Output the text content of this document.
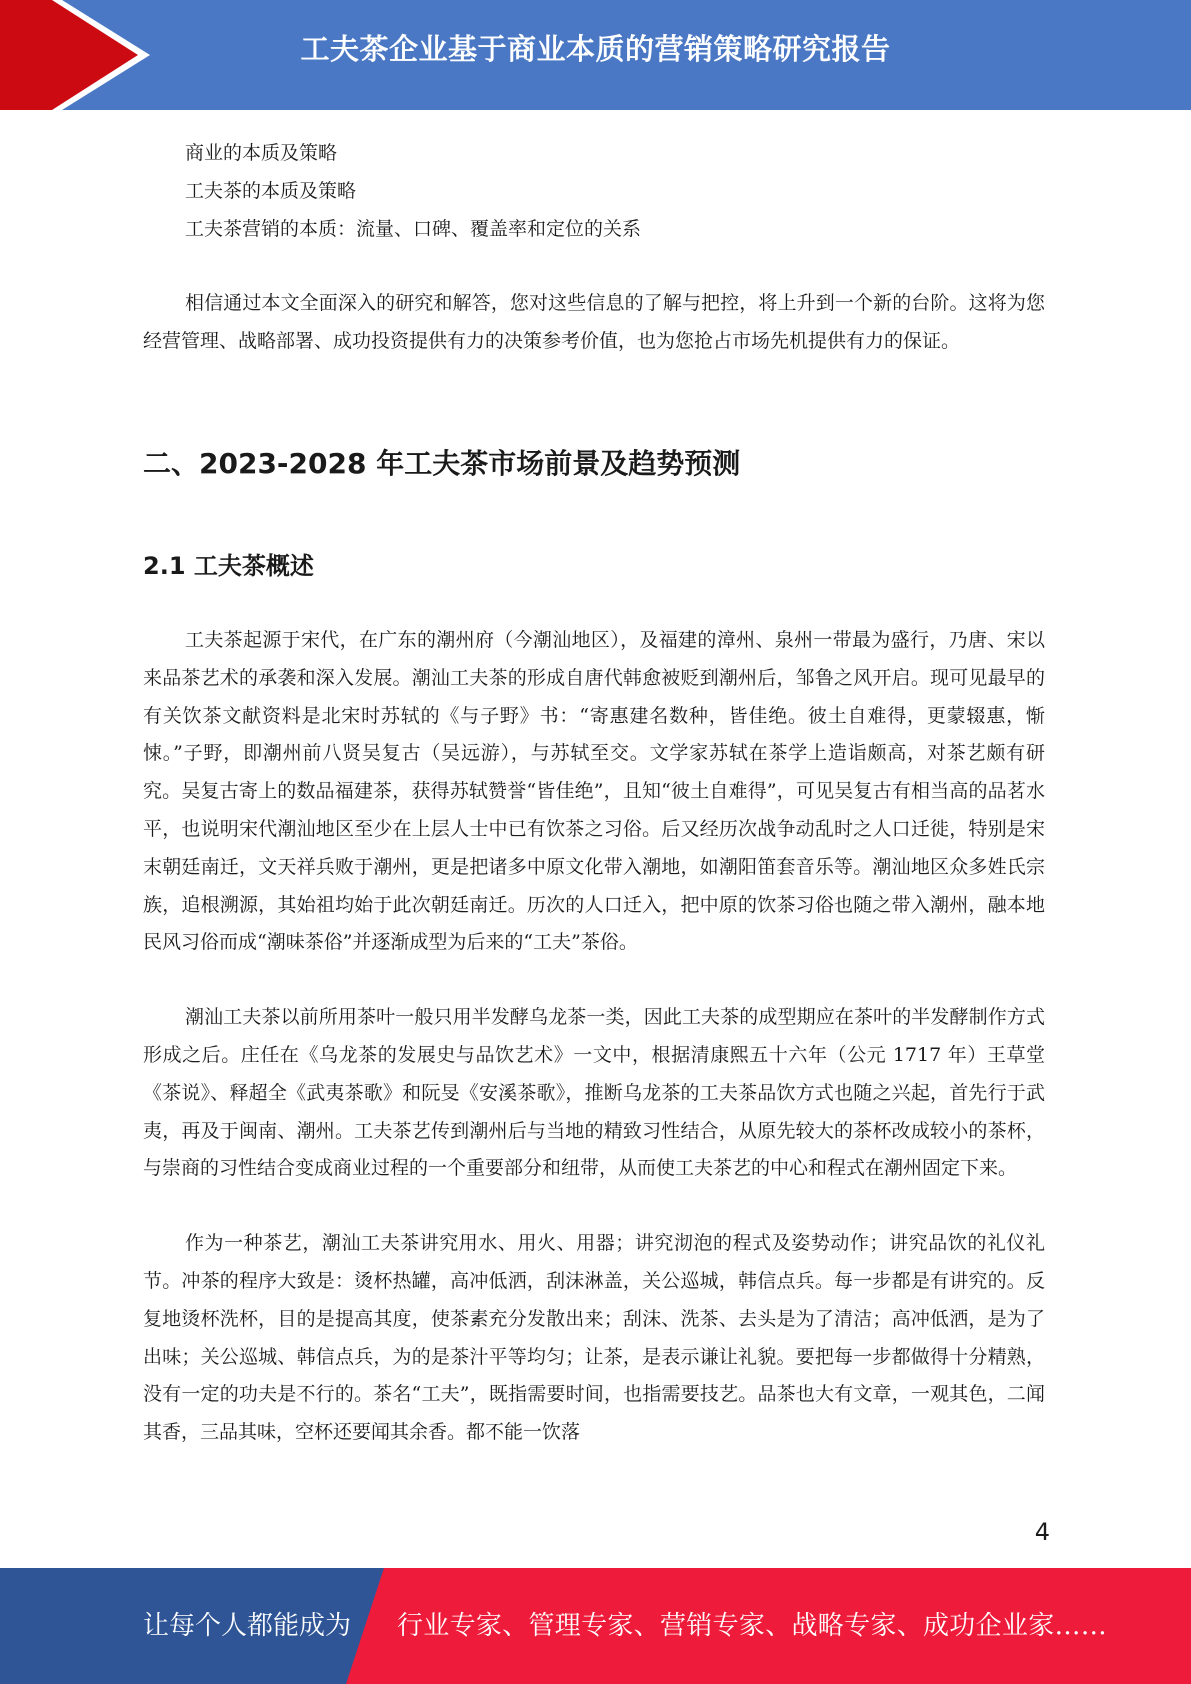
工夫茶企业基于商业本质的营销策略研究报告
商业的本质及策略
工夫茶的本质及策略
工夫茶营销的本质：流量、口碑、覆盖率和定位的关系

相信通过本文全面深入的研究和解答，您对这些信息的了解与把控，将上升到一个新的台阶。这将为您经营管理、战略部署、成功投资提供有力的决策参考价值，也为您抢占市场先机提供有力的保证。

二、2023-2028 年工夫茶市场前景及趋势预测
2.1 工夫茶概述

工夫茶起源于宋代，在广东的潮州府（今潮汕地区），及福建的漳州、泉州一带最为盛行，乃唐、宋以来品茶艺术的承袭和深入发展。潮汕工夫茶的形成自唐代韩愈被贬到潮州后，邹鲁之风开启。现可见最早的有关饮茶文献资料是北宋时苏轼的《与子野》书：“寄惠建名数种，皆佳绝。彼土自难得，更蒙辍惠，惭悚。”子野，即潮州前八贤吴复古（吴远游），与苏轼至交。文学家苏轼在茶学上造诣颇高，对茶艺颇有研究。吴复古寄上的数品福建茶，获得苏轼赞誉“皆佳绝”，且知“彼土自难得”，可见吴复古有相当高的品茗水平，也说明宋代潮汕地区至少在上层人士中已有饮茶之习俗。后又经历次战争动乱时之人口迁徙，特别是宋末朝廷南迁，文天祥兵败于潮州，更是把诸多中原文化带入潮地，如潮阳笛套音乐等。潮汕地区众多姓氏宗族，追根溯源，其始祖均始于此次朝廷南迁。历次的人口迁入，把中原的饮茶习俗也随之带入潮州，融本地民风习俗而成“潮味茶俗”并逐渐成型为后来的“工夫”茶俗。

潮汕工夫茶以前所用茶叶一般只用半发酵乌龙茶一类，因此工夫茶的成型期应在茶叶的半发酵制作方式形成之后。庄任在《乌龙茶的发展史与品饮艺术》一文中，根据清康熙五十六年（公元 1717 年）王草堂《茶说》、释超全《武夷茶歌》和阮旻《安溪茶歌》，推断乌龙茶的工夫茶品饮方式也随之兴起，首先行于武夷，再及于闽南、潮州。工夫茶艺传到潮州后与当地的精致习性结合，从原先较大的茶杯改成较小的茶杯，与崇商的习性结合变成商业过程的一个重要部分和纽带，从而使工夫茶艺的中心和程式在潮州固定下来。

作为一种茶艺，潮汕工夫茶讲究用水、用火、用器；讲究沏泡的程式及姿势动作；讲究品饮的礼仪礼节。冲茶的程序大致是：烫杯热罐，高冲低洒，刮沫淋盖，关公巡城，韩信点兵。每一步都是有讲究的。反复地烫杯洗杯，目的是提高其度，使茶素充分发散出来；刮沫、洗茶、去头是为了清洁；高冲低洒，是为了出味；关公巡城、韩信点兵，为的是茶汁平等均匀；让茶，是表示谦让礼貌。要把每一步都做得十分精熟，没有一定的功夫是不行的。茶名“工夫”，既指需要时间，也指需要技艺。品茶也大有文章，一观其色，二闻其香，三品其味，空杯还要闻其余香。都不能一饮落

4
让每个人都能成为 行业专家、管理专家、营销专家、战略专家、成功企业家……
